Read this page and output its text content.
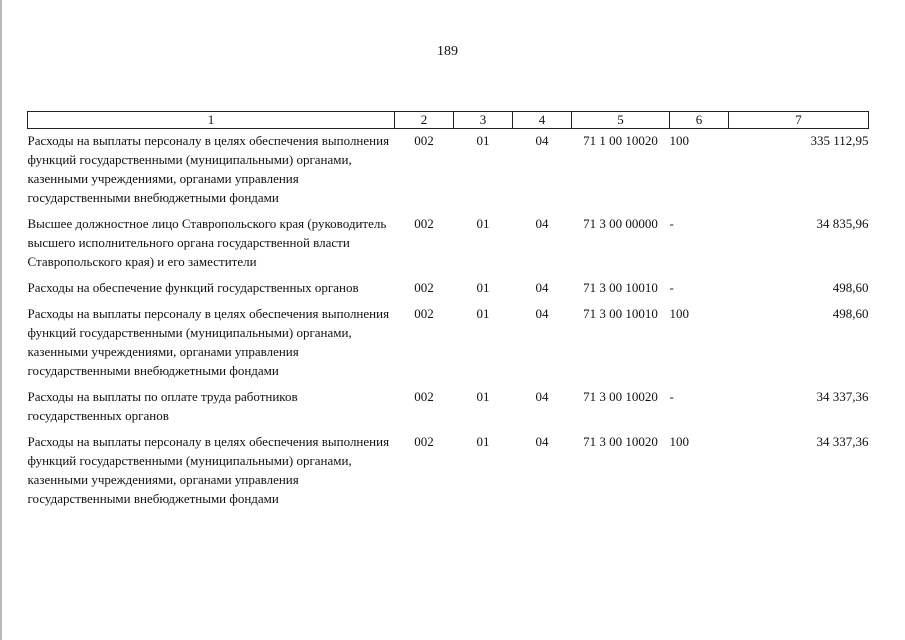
189
1	2	3	4	5	6	7
Расходы на выплаты персоналу в целях обеспечения выполнения функций государственными (муниципальными) органами, казенными учреждениями, органами управления государственными внебюджетными фондами	002	01	04	71 1 00 10020	100	335 112,95
Высшее должностное лицо Ставропольского края (руководитель высшего исполнительного органа государственной власти Ставропольского края) и его заместители	002	01	04	71 3 00 00000	-	34 835,96
Расходы на обеспечение функций государственных органов	002	01	04	71 3 00 10010	-	498,60
Расходы на выплаты персоналу в целях обеспечения выполнения функций государственными (муниципальными) органами, казенными учреждениями, органами управления государственными внебюджетными фондами	002	01	04	71 3 00 10010	100	498,60
Расходы на выплаты по оплате труда работников государственных органов	002	01	04	71 3 00 10020	-	34 337,36
Расходы на выплаты персоналу в целях обеспечения выполнения функций государственными (муниципальными) органами, казенными учреждениями, органами управления государственными внебюджетными фондами	002	01	04	71 3 00 10020	100	34 337,36
